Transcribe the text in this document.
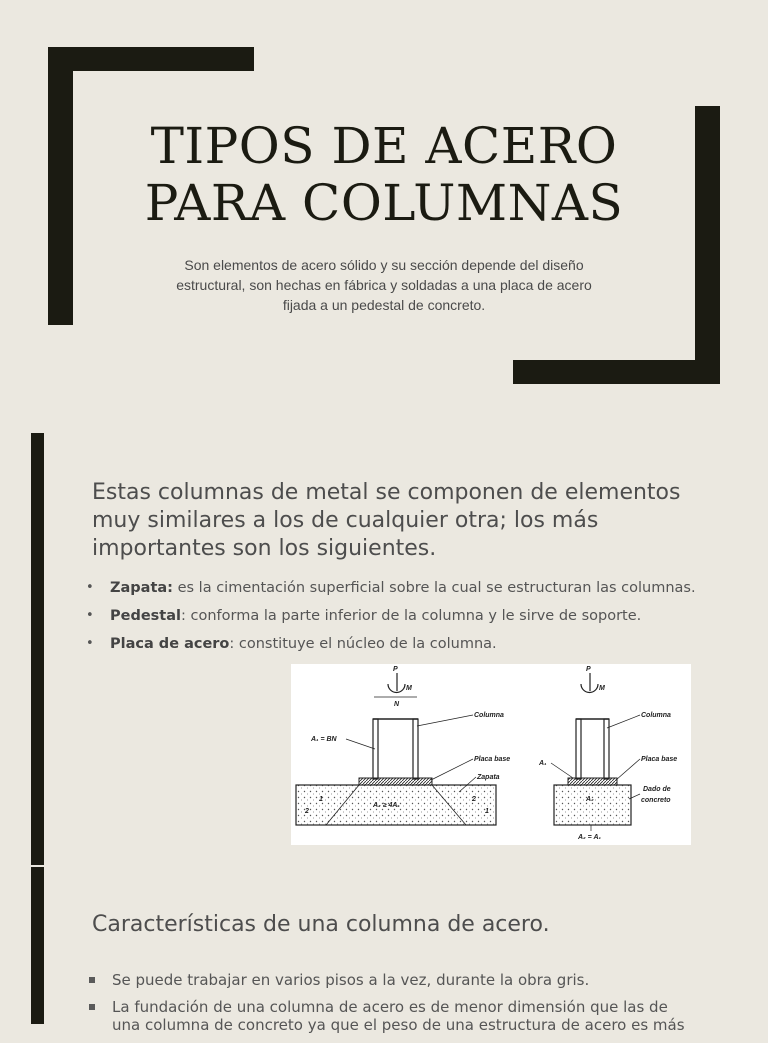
TIPOS DE ACERO
PARA COLUMNAS
Son elementos de acero sólido y su sección depende del diseño estructural, son hechas en fábrica y soldadas a una placa de acero fijada a un pedestal de concreto.
Estas columnas de metal se componen de elementos muy similares a los de cualquier otra; los más importantes son los siguientes.
• Zapata: es la cimentación superficial sobre la cual se estructuran las columnas.
• Pedestal: conforma la parte inferior de la columna y le sirve de soporte.
• Placa de acero: constituye el núcleo de la columna.
P
M
N
A₁ = BN
Columna
Placa base
Zapata
A₂ ≥ 4A₁
1
2
2
1
P
M
A₁
Columna
Placa base
Dado de
concreto
A₂
A₂ = A₁
Características de una columna de acero.
Se puede trabajar en varios pisos a la vez, durante la obra gris.
La fundación de una columna de acero es de menor dimensión que las de una columna de concreto ya que el peso de una estructura de acero es más
